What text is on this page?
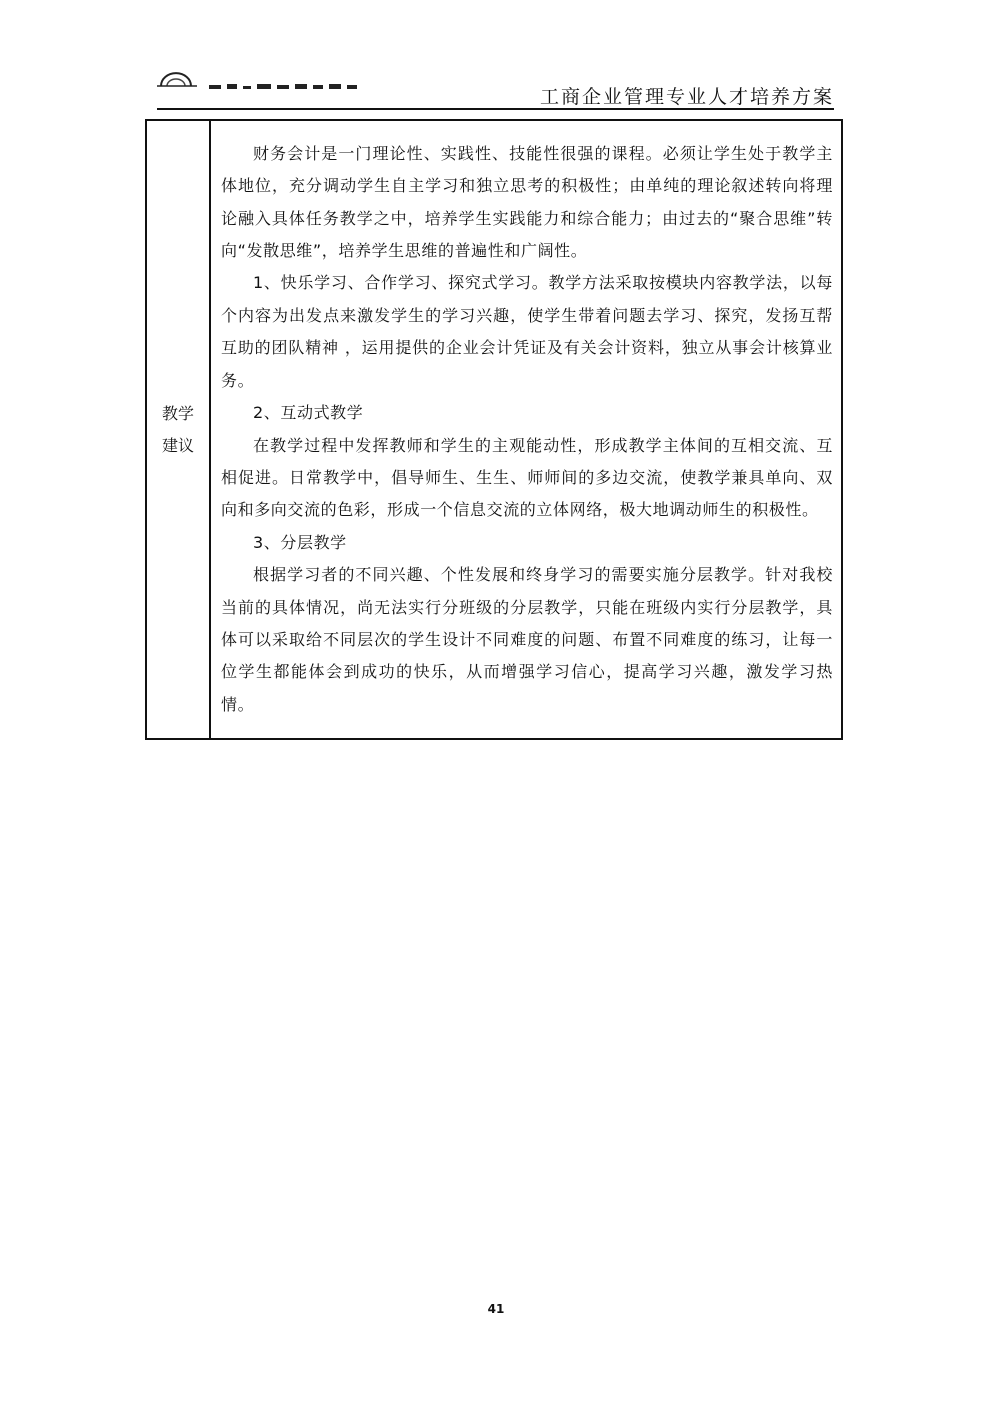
工商企业管理专业人才培养方案
教学
建议

财务会计是一门理论性、实践性、技能性很强的课程。必须让学生处于教学主体地位，充分调动学生自主学习和独立思考的积极性；由单纯的理论叙述转向将理论融入具体任务教学之中，培养学生实践能力和综合能力；由过去的“聚合思维”转向“发散思维”，培养学生思维的普遍性和广阔性。

1、快乐学习、合作学习、探究式学习。教学方法采取按模块内容教学法，以每个内容为出发点来激发学生的学习兴趣，使学生带着问题去学习、探究，发扬互帮互助的团队精神 ，运用提供的企业会计凭证及有关会计资料，独立从事会计核算业务。

2、互动式教学

在教学过程中发挥教师和学生的主观能动性，形成教学主体间的互相交流、互相促进。日常教学中，倡导师生、生生、师师间的多边交流，使教学兼具单向、双向和多向交流的色彩，形成一个信息交流的立体网络，极大地调动师生的积极性。

3、分层教学

根据学习者的不同兴趣、个性发展和终身学习的需要实施分层教学。针对我校当前的具体情况，尚无法实行分班级的分层教学，只能在班级内实行分层教学，具体可以采取给不同层次的学生设计不同难度的问题、布置不同难度的练习，让每一位学生都能体会到成功的快乐，从而增强学习信心，提高学习兴趣，激发学习热情。

41
